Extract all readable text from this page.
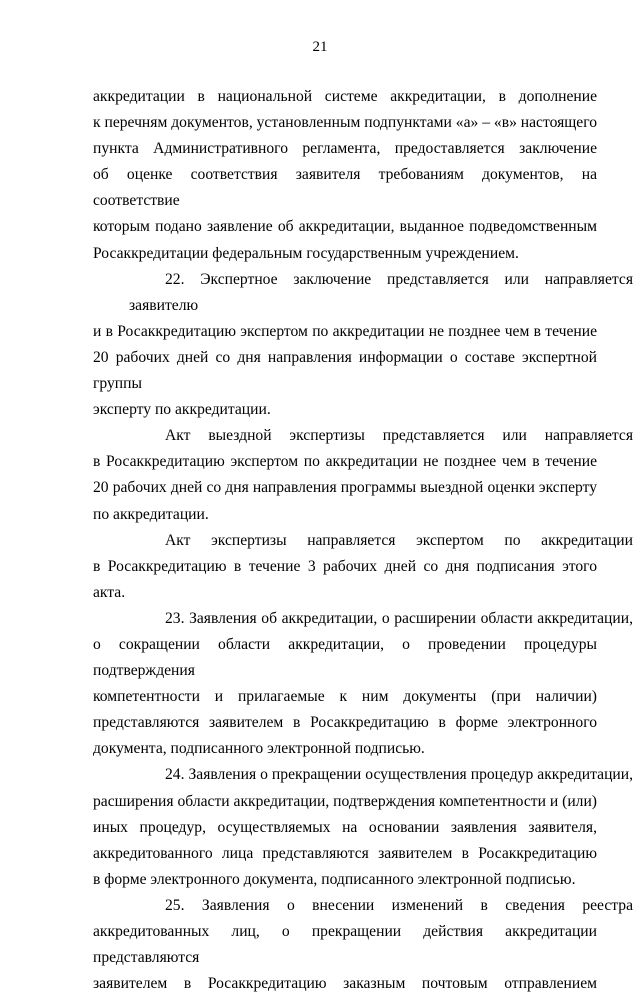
21
аккредитации в национальной системе аккредитации, в дополнение
к перечням документов, установленным подпунктами «а» – «в» настоящего
пункта Административного регламента, предоставляется заключение
об оценке соответствия заявителя требованиям документов, на соответствие
которым подано заявление об аккредитации, выданное подведомственным
Росаккредитации федеральным государственным учреждением.
22. Экспертное заключение представляется или направляется заявителю
и в Росаккредитацию экспертом по аккредитации не позднее чем в течение
20 рабочих дней со дня направления информации о составе экспертной группы
эксперту по аккредитации.
Акт выездной экспертизы представляется или направляется
в Росаккредитацию экспертом по аккредитации не позднее чем в течение
20 рабочих дней со дня направления программы выездной оценки эксперту
по аккредитации.
Акт экспертизы направляется экспертом по аккредитации
в Росаккредитацию в течение 3 рабочих дней со дня подписания этого акта.
23. Заявления об аккредитации, о расширении области аккредитации,
о сокращении области аккредитации, о проведении процедуры подтверждения
компетентности и прилагаемые к ним документы (при наличии)
представляются заявителем в Росаккредитацию в форме электронного
документа, подписанного электронной подписью.
24. Заявления о прекращении осуществления процедур аккредитации,
расширения области аккредитации, подтверждения компетентности и (или)
иных процедур, осуществляемых на основании заявления заявителя,
аккредитованного лица представляются заявителем в Росаккредитацию
в форме электронного документа, подписанного электронной подписью.
25. Заявления о внесении изменений в сведения реестра
аккредитованных лиц, о прекращении действия аккредитации представляются
заявителем в Росаккредитацию заказным почтовым отправлением
